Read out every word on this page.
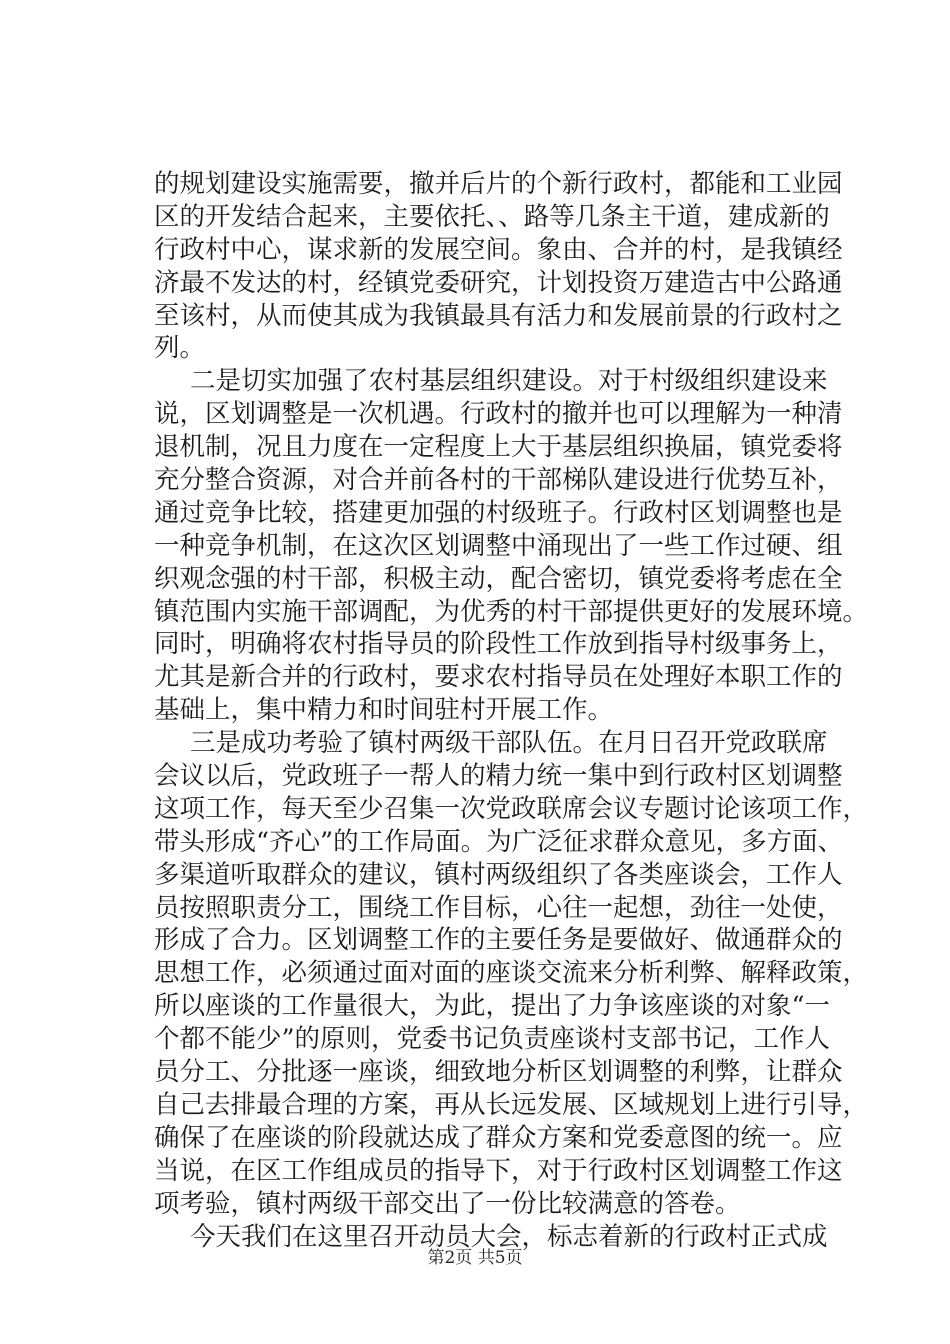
的规划建设实施需要，撤并后片的个新行政村，都能和工业园
区的开发结合起来，主要依托、、路等几条主干道，建成新的
行政村中心，谋求新的发展空间。象由、合并的村，是我镇经
济最不发达的村，经镇党委研究，计划投资万建造古中公路通
至该村，从而使其成为我镇最具有活力和发展前景的行政村之
列。
二是切实加强了农村基层组织建设。对于村级组织建设来
说，区划调整是一次机遇。行政村的撤并也可以理解为一种清
退机制，况且力度在一定程度上大于基层组织换届，镇党委将
充分整合资源，对合并前各村的干部梯队建设进行优势互补，
通过竞争比较，搭建更加强的村级班子。行政村区划调整也是
一种竞争机制，在这次区划调整中涌现出了一些工作过硬、组
织观念强的村干部，积极主动，配合密切，镇党委将考虑在全
镇范围内实施干部调配，为优秀的村干部提供更好的发展环境。
同时，明确将农村指导员的阶段性工作放到指导村级事务上，
尤其是新合并的行政村，要求农村指导员在处理好本职工作的
基础上，集中精力和时间驻村开展工作。
三是成功考验了镇村两级干部队伍。在月日召开党政联席
会议以后，党政班子一帮人的精力统一集中到行政村区划调整
这项工作，每天至少召集一次党政联席会议专题讨论该项工作，
带头形成“齐心”的工作局面。为广泛征求群众意见，多方面、
多渠道听取群众的建议，镇村两级组织了各类座谈会，工作人
员按照职责分工，围绕工作目标，心往一起想，劲往一处使，
形成了合力。区划调整工作的主要任务是要做好、做通群众的
思想工作，必须通过面对面的座谈交流来分析利弊、解释政策，
所以座谈的工作量很大，为此，提出了力争该座谈的对象“一
个都不能少”的原则，党委书记负责座谈村支部书记，工作人
员分工、分批逐一座谈，细致地分析区划调整的利弊，让群众
自己去排最合理的方案，再从长远发展、区域规划上进行引导，
确保了在座谈的阶段就达成了群众方案和党委意图的统一。应
当说，在区工作组成员的指导下，对于行政村区划调整工作这
项考验，镇村两级干部交出了一份比较满意的答卷。
今天我们在这里召开动员大会，标志着新的行政村正式成
第2页 共5页
